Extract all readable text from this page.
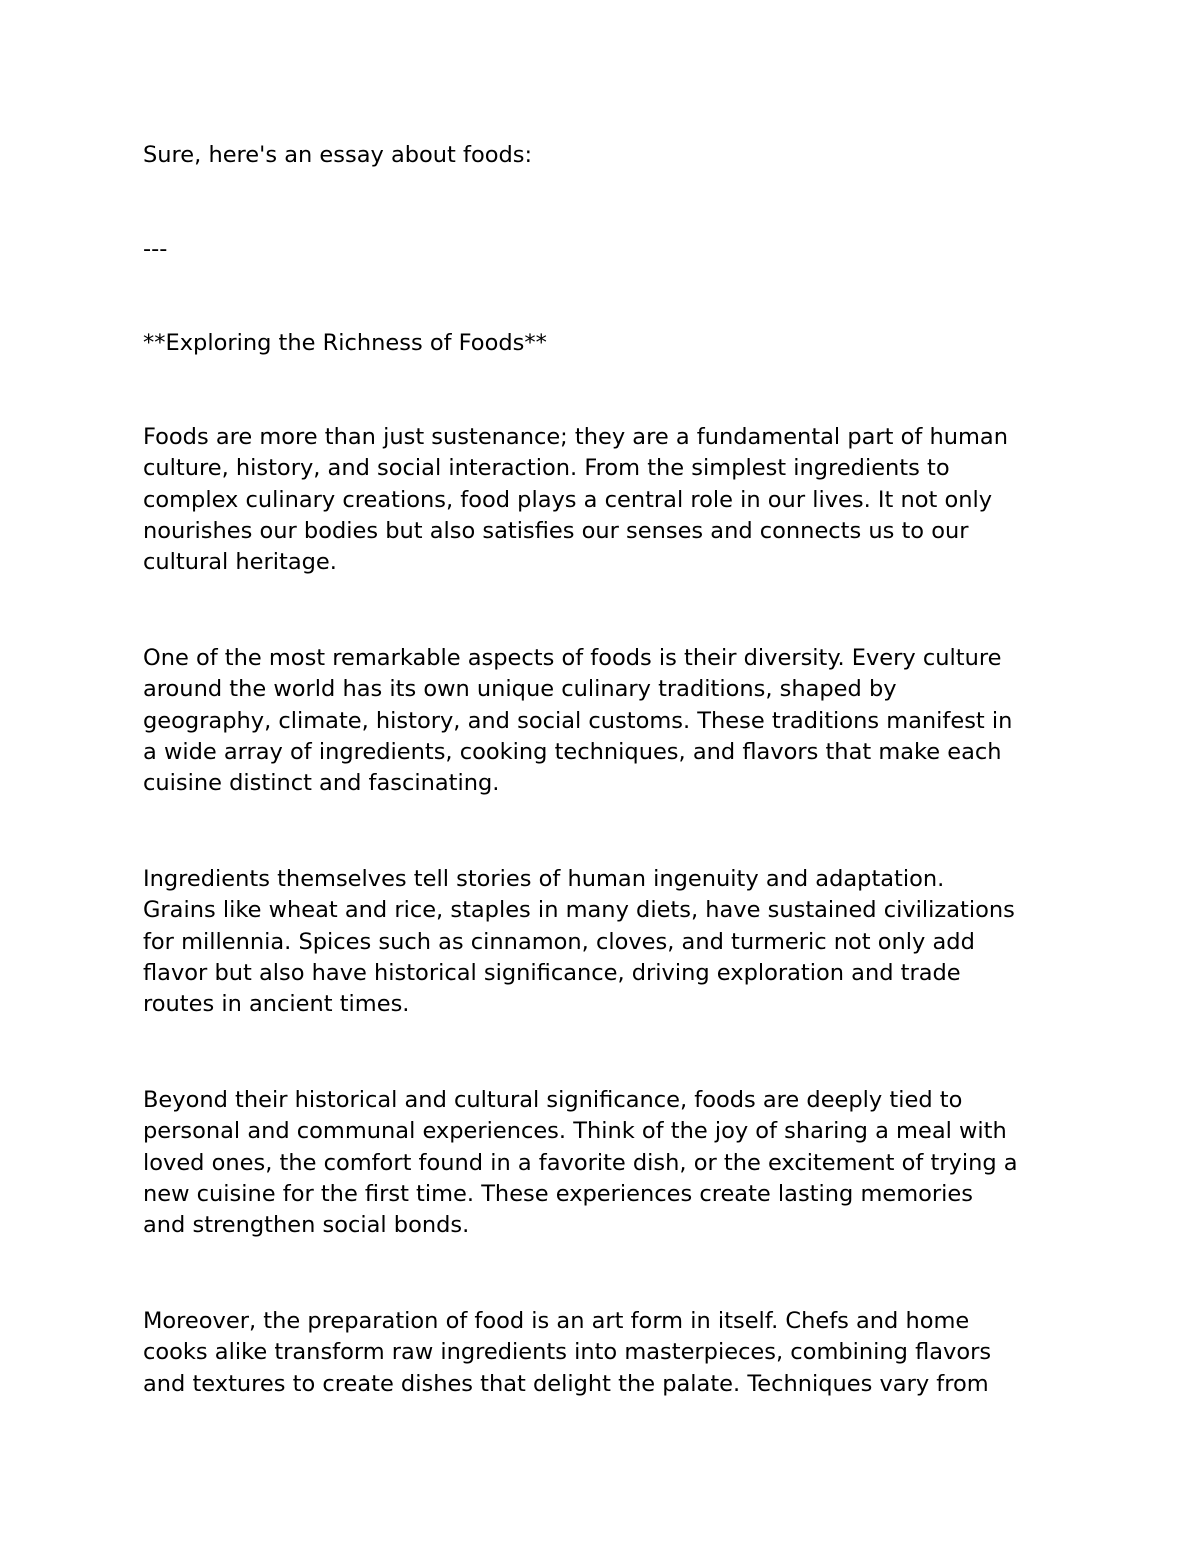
Sure, here's an essay about foods:

---

**Exploring the Richness of Foods**

Foods are more than just sustenance; they are a fundamental part of human
culture, history, and social interaction. From the simplest ingredients to
complex culinary creations, food plays a central role in our lives. It not only
nourishes our bodies but also satisfies our senses and connects us to our
cultural heritage.

One of the most remarkable aspects of foods is their diversity. Every culture
around the world has its own unique culinary traditions, shaped by
geography, climate, history, and social customs. These traditions manifest in
a wide array of ingredients, cooking techniques, and flavors that make each
cuisine distinct and fascinating.

Ingredients themselves tell stories of human ingenuity and adaptation.
Grains like wheat and rice, staples in many diets, have sustained civilizations
for millennia. Spices such as cinnamon, cloves, and turmeric not only add
flavor but also have historical significance, driving exploration and trade
routes in ancient times.

Beyond their historical and cultural significance, foods are deeply tied to
personal and communal experiences. Think of the joy of sharing a meal with
loved ones, the comfort found in a favorite dish, or the excitement of trying a
new cuisine for the first time. These experiences create lasting memories
and strengthen social bonds.

Moreover, the preparation of food is an art form in itself. Chefs and home
cooks alike transform raw ingredients into masterpieces, combining flavors
and textures to create dishes that delight the palate. Techniques vary from
